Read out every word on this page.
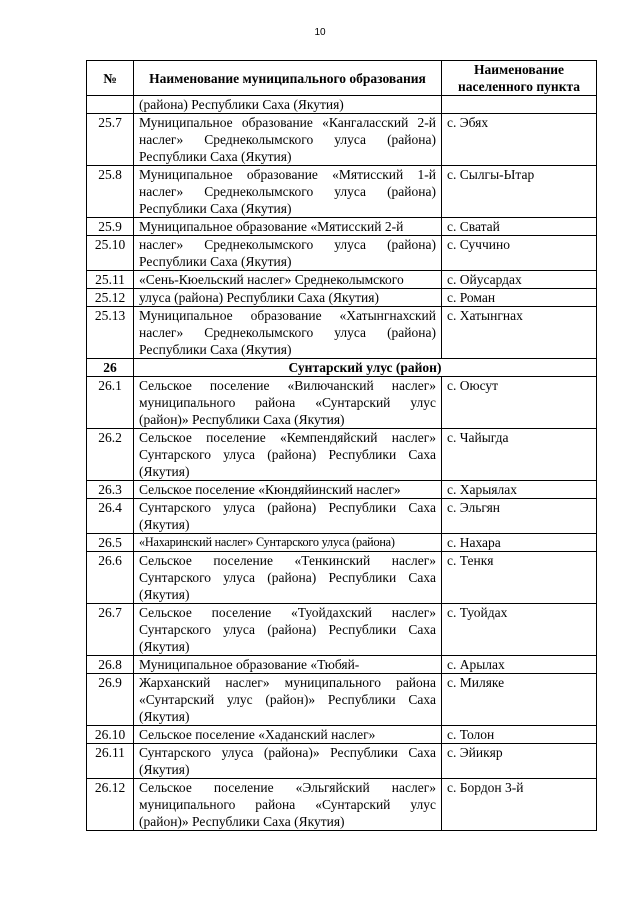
10
№	Наименование муниципального образования	Наименование населенного пункта
	(района) Республики Саха (Якутия)	
25.7	Муниципальное образование «Кангаласский 2-й наслег» Среднеколымского улуса (района) Республики Саха (Якутия)	с. Эбях
25.8	Муниципальное образование «Мятисский 1-й наслег» Среднеколымского улуса (района) Республики Саха (Якутия)	с. Сылгы-Ытар
25.9	Муниципальное образование «Мятисский 2-й	с. Сватай
25.10	наслег» Среднеколымского улуса (района) Республики Саха (Якутия)	с. Суччино
25.11	«Сень-Кюельский наслег» Среднеколымского	с. Ойусардах
25.12	улуса (района) Республики Саха (Якутия)	с. Роман
25.13	Муниципальное образование «Хатынгнахский наслег» Среднеколымского улуса (района) Республики Саха (Якутия)	с. Хатынгнах
26	Сунтарский улус (район)	
26.1	Сельское поселение «Вилючанский наслег» муниципального района «Сунтарский улус (район)» Республики Саха (Якутия)	с. Оюсут
26.2	Сельское поселение «Кемпендяйский наслег» Сунтарского улуса (района) Республики Саха (Якутия)	с. Чайыгда
26.3	Сельское поселение «Кюндяйинский наслег»	с. Харыялах
26.4	Сунтарского улуса (района) Республики Саха (Якутия)	с. Эльгян
26.5	«Нахаринский наслег» Сунтарского улуса (района)	с. Нахара
26.6	Сельское поселение «Тенкинский наслег» Сунтарского улуса (района) Республики Саха (Якутия)	с. Тенкя
26.7	Сельское поселение «Туойдахский наслег» Сунтарского улуса (района) Республики Саха (Якутия)	с. Туойдах
26.8	Муниципальное образование «Тюбяй-	с. Арылах
26.9	Жарханский наслег» муниципального района «Сунтарский улус (район)» Республики Саха (Якутия)	с. Миляке
26.10	Сельское поселение «Хаданский наслег»	с. Толон
26.11	Сунтарского улуса (района)» Республики Саха (Якутия)	с. Эйикяр
26.12	Сельское поселение «Эльгяйский наслег» муниципального района «Сунтарский улус (район)» Республики Саха (Якутия)	с. Бордон 3-й
